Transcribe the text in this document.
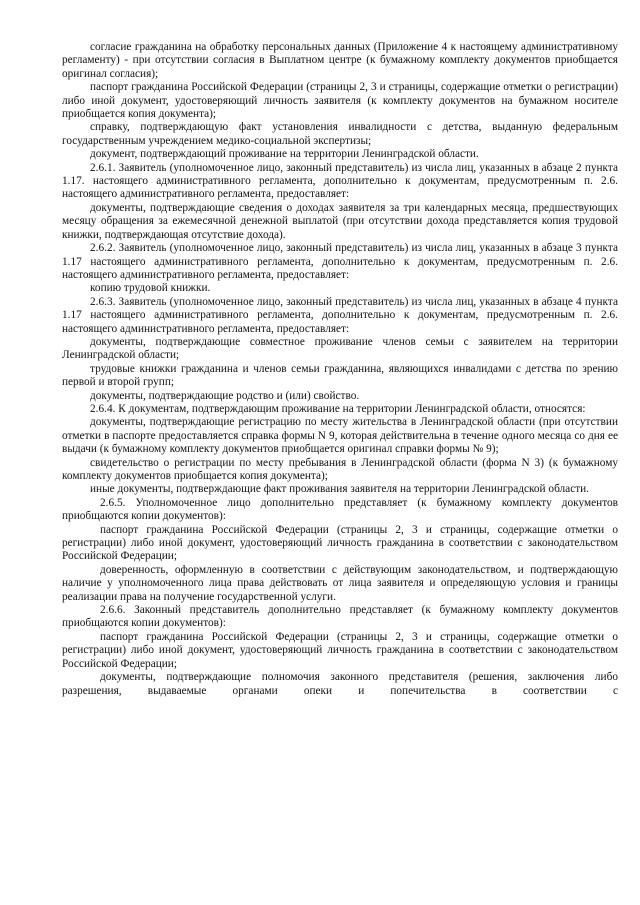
согласие гражданина на обработку персональных данных (Приложение 4 к настоящему административному регламенту) - при отсутствии согласия в Выплатном центре (к бумажному комплекту документов приобщается оригинал согласия);

паспорт гражданина Российской Федерации (страницы 2, 3 и страницы, содержащие отметки о регистрации) либо иной документ, удостоверяющий личность заявителя (к комплекту документов на бумажном носителе приобщается копия документа);

справку, подтверждающую факт установления инвалидности с детства, выданную федеральным государственным учреждением медико-социальной экспертизы;

документ, подтверждающий проживание на территории Ленинградской области.

2.6.1. Заявитель (уполномоченное лицо, законный представитель) из числа лиц, указанных в абзаце 2 пункта 1.17. настоящего административного регламента, дополнительно к документам, предусмотренным п. 2.6. настоящего административного регламента, предоставляет:

документы, подтверждающие сведения о доходах заявителя за три календарных месяца, предшествующих месяцу обращения за ежемесячной денежной выплатой (при отсутствии дохода представляется копия трудовой книжки, подтверждающая отсутствие дохода).

2.6.2. Заявитель (уполномоченное лицо, законный представитель) из числа лиц, указанных в абзаце 3 пункта 1.17 настоящего административного регламента, дополнительно к документам, предусмотренным п. 2.6. настоящего административного регламента, предоставляет:

копию трудовой книжки.

2.6.3. Заявитель (уполномоченное лицо, законный представитель) из числа лиц, указанных в абзаце 4 пункта 1.17 настоящего административного регламента, дополнительно к документам, предусмотренным п. 2.6. настоящего административного регламента, предоставляет:

документы, подтверждающие совместное проживание членов семьи с заявителем на территории Ленинградской области;

трудовые книжки гражданина и членов семьи гражданина, являющихся инвалидами с детства по зрению первой и второй групп;

документы, подтверждающие родство и (или) свойство.

2.6.4. К документам, подтверждающим проживание на территории Ленинградской области, относятся:

документы, подтверждающие регистрацию по месту жительства в Ленинградской области (при отсутствии отметки в паспорте предоставляется справка формы N 9, которая действительна в течение одного месяца со дня ее выдачи (к бумажному комплекту документов приобщается оригинал справки формы № 9);

свидетельство о регистрации по месту пребывания в Ленинградской области (форма N 3) (к бумажному комплекту документов приобщается копия документа);

иные документы, подтверждающие факт проживания заявителя на территории Ленинградской области.

2.6.5. Уполномоченное лицо дополнительно представляет (к бумажному комплекту документов приобщаются копии документов):

паспорт гражданина Российской Федерации (страницы 2, 3 и страницы, содержащие отметки о регистрации) либо иной документ, удостоверяющий личность гражданина в соответствии с законодательством Российской Федерации;

доверенность, оформленную в соответствии с действующим законодательством, и подтверждающую наличие у уполномоченного лица права действовать от лица заявителя и определяющую условия и границы реализации права на получение государственной услуги.

2.6.6. Законный представитель дополнительно представляет (к бумажному комплекту документов приобщаются копии документов):

паспорт гражданина Российской Федерации (страницы 2, 3 и страницы, содержащие отметки о регистрации) либо иной документ, удостоверяющий личность гражданина в соответствии с законодательством Российской Федерации;

документы, подтверждающие полномочия законного представителя (решения, заключения либо разрешения, выдаваемые органами опеки и попечительства в соответствии с
